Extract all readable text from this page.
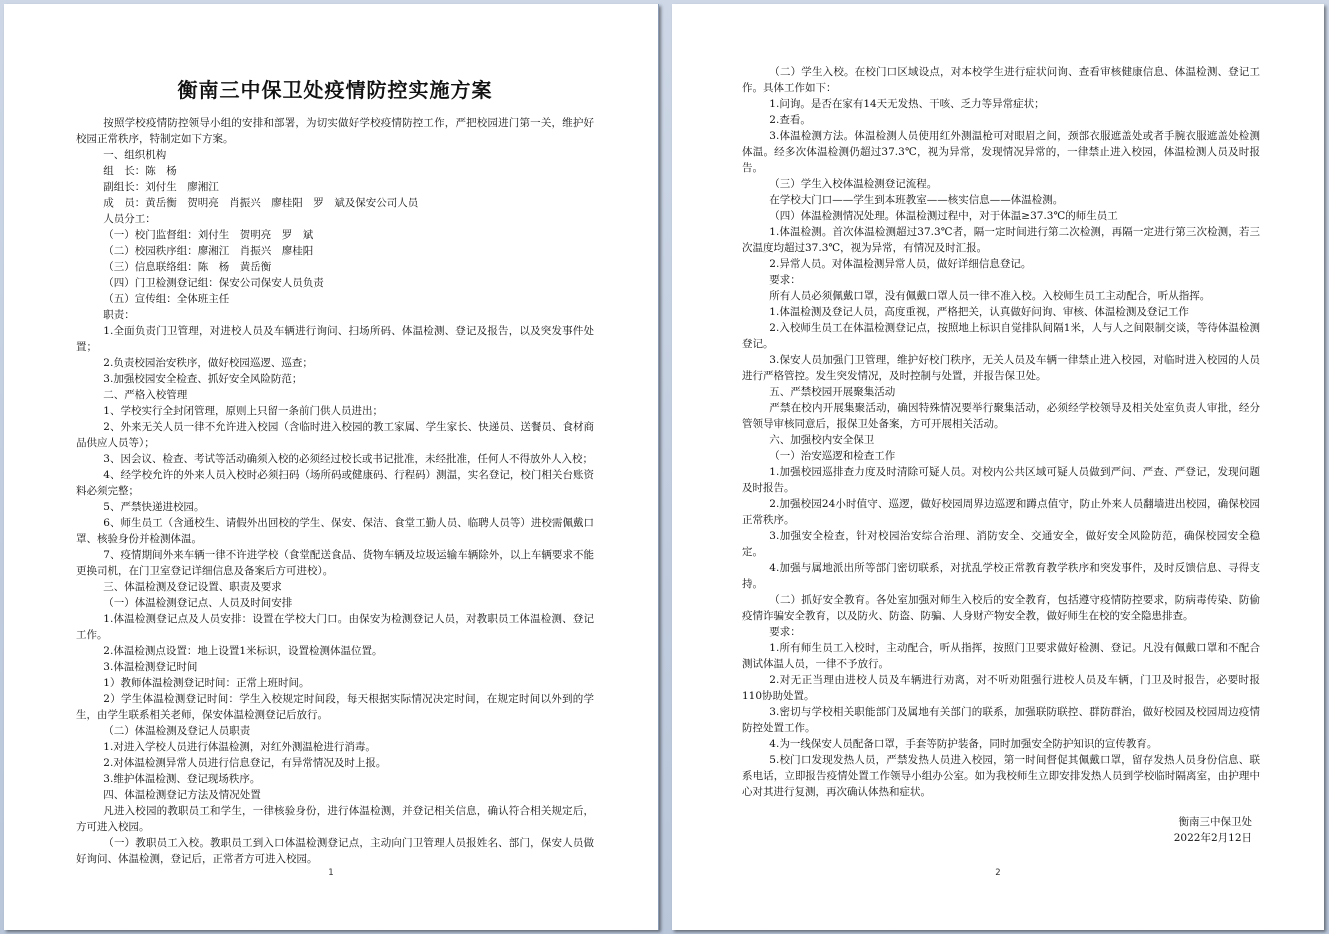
衡南三中保卫处疫情防控实施方案

按照学校疫情防控领导小组的安排和部署，为切实做好学校疫情防控工作，严把校园进门第一关，维护好校园正常秩序，特制定如下方案。

一、组织机构

组　长：陈　杨

副组长：刘付生　廖湘江

成　员：黄岳衡　贺明亮　肖振兴　廖桂阳　罗　斌及保安公司人员

人员分工：

（一）校门监督组：刘付生　贺明亮　罗　斌

（二）校园秩序组：廖湘江　肖振兴　廖桂阳

（三）信息联络组：陈　杨　黄岳衡

（四）门卫检测登记组：保安公司保安人员负责

（五）宣传组：全体班主任

职责：

1.全面负责门卫管理，对进校人员及车辆进行询问、扫场所码、体温检测、登记及报告，以及突发事件处置；

2.负责校园治安秩序，做好校园巡逻、巡查；

3.加强校园安全检查、抓好安全风险防范；

二、严格入校管理

1、学校实行全封闭管理，原则上只留一条前门供人员进出；

2、外来无关人员一律不允许进入校园（含临时进入校园的教工家属、学生家长、快递员、送餐员、食材商品供应人员等）；

3、因会议、检查、考试等活动确须入校的必须经过校长或书记批准，未经批准，任何人不得放外人入校；

4、经学校允许的外来人员入校时必须扫码（场所码或健康码、行程码）测温，实名登记，校门相关台账资料必须完整；

5、严禁快递进校园。

6、师生员工（含通校生、请假外出回校的学生、保安、保洁、食堂工勤人员、临聘人员等）进校需佩戴口罩、核验身份并检测体温。

7、疫情期间外来车辆一律不许进学校（食堂配送食品、货物车辆及垃圾运输车辆除外，以上车辆要求不能更换司机，在门卫室登记详细信息及备案后方可进校）。

三、体温检测及登记设置、职责及要求

（一）体温检测登记点、人员及时间安排

1.体温检测登记点及人员安排：设置在学校大门口。由保安为检测登记人员，对教职员工体温检测、登记工作。

2.体温检测点设置：地上设置1米标识，设置检测体温位置。

3.体温检测登记时间

1）教师体温检测登记时间：正常上班时间。

2）学生体温检测登记时间：学生入校规定时间段，每天根据实际情况决定时间，在规定时间以外到的学生，由学生联系相关老师，保安体温检测登记后放行。

（二）体温检测及登记人员职责

1.对进入学校人员进行体温检测，对红外测温枪进行消毒。

2.对体温检测异常人员进行信息登记，有异常情况及时上报。

3.维护体温检测、登记现场秩序。

四、体温检测登记方法及情况处置

凡进入校园的教职员工和学生，一律核验身份，进行体温检测，并登记相关信息，确认符合相关规定后，方可进入校园。

（一）教职员工入校。教职员工到入口体温检测登记点，主动向门卫管理人员报姓名、部门，保安人员做好询问、体温检测，登记后，正常者方可进入校园。

1

（二）学生入校。在校门口区域设点，对本校学生进行症状问询、查看审核健康信息、体温检测、登记工作。具体工作如下：

1.问询。是否在家有14天无发热、干咳、乏力等异常症状；

2.查看。

3.体温检测方法。体温检测人员使用红外测温枪可对眼眉之间，颈部衣服遮盖处或者手腕衣服遮盖处检测体温。经多次体温检测仍超过37.3℃，视为异常，发现情况异常的，一律禁止进入校园，体温检测人员及时报告。

（三）学生入校体温检测登记流程。

在学校大门口——学生到本班教室——核实信息——体温检测。

（四）体温检测情况处理。体温检测过程中，对于体温≥37.3℃的师生员工

1.体温检测。首次体温检测超过37.3℃者，隔一定时间进行第二次检测，再隔一定进行第三次检测，若三次温度均超过37.3℃，视为异常，有情况及时汇报。

2.异常人员。对体温检测异常人员，做好详细信息登记。

要求：

所有人员必须佩戴口罩，没有佩戴口罩人员一律不准入校。入校师生员工主动配合，听从指挥。

1.体温检测及登记人员，高度重视，严格把关，认真做好问询、审核、体温检测及登记工作

2.入校师生员工在体温检测登记点，按照地上标识自觉排队间隔1米，人与人之间限制交谈，等待体温检测登记。

3.保安人员加强门卫管理，维护好校门秩序，无关人员及车辆一律禁止进入校园，对临时进入校园的人员进行严格管控。发生突发情况，及时控制与处置，并报告保卫处。

五、严禁校园开展聚集活动

严禁在校内开展集聚活动，确因特殊情况要举行聚集活动，必须经学校领导及相关处室负责人审批，经分管领导审核同意后，报保卫处备案，方可开展相关活动。

六、加强校内安全保卫

（一）治安巡逻和检查工作

1.加强校园巡排查力度及时清除可疑人员。对校内公共区域可疑人员做到严问、严查、严登记，发现问题及时报告。

2.加强校园24小时值守、巡逻，做好校园周界边巡逻和蹲点值守，防止外来人员翻墙进出校园，确保校园正常秩序。

3.加强安全检查，针对校园治安综合治理、消防安全、交通安全，做好安全风险防范，确保校园安全稳定。

4.加强与属地派出所等部门密切联系，对扰乱学校正常教育教学秩序和突发事件，及时反馈信息、寻得支持。

（二）抓好安全教育。各处室加强对师生入校后的安全教育，包括遵守疫情防控要求，防病毒传染、防偷疫情诈骗安全教育，以及防火、防盗、防骗、人身财产物安全教，做好师生在校的安全隐患排查。

要求：

1.所有师生员工入校时，主动配合，听从指挥，按照门卫要求做好检测、登记。凡没有佩戴口罩和不配合测试体温人员，一律不予放行。

2.对无正当理由进校人员及车辆进行劝离，对不听劝阻强行进校人员及车辆，门卫及时报告，必要时报110协助处置。

3.密切与学校相关职能部门及属地有关部门的联系，加强联防联控、群防群治，做好校园及校园周边疫情防控处置工作。

4.为一线保安人员配备口罩，手套等防护装备，同时加强安全防护知识的宣传教育。

5.校门口发现发热人员，严禁发热人员进入校园，第一时间督促其佩戴口罩，留存发热人员身份信息、联系电话，立即报告疫情处置工作领导小组办公室。如为我校师生立即安排发热人员到学校临时隔离室，由护理中心对其进行复测，再次确认体热和症状。

衡南三中保卫处
2022年2月12日
2
